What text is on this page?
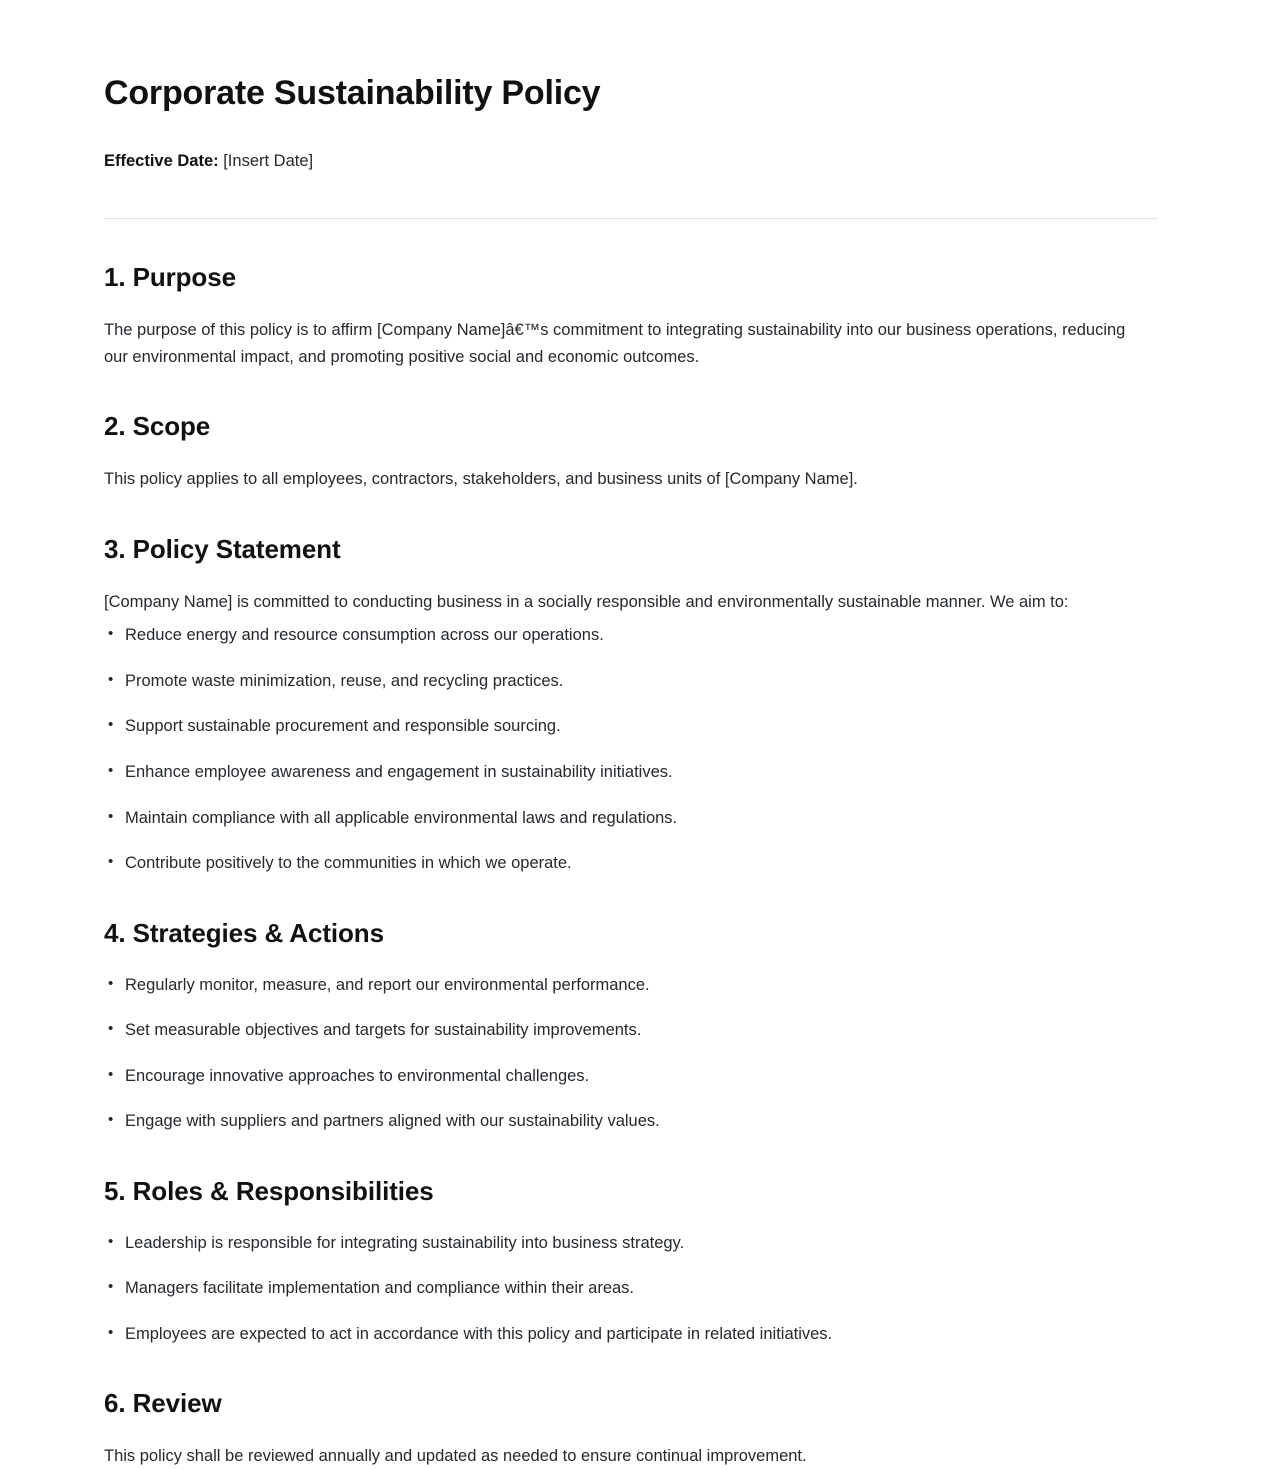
Corporate Sustainability Policy

Effective Date: [Insert Date]

1. Purpose

The purpose of this policy is to affirm [Company Name]â€™s commitment to integrating sustainability into our business operations, reducing our environmental impact, and promoting positive social and economic outcomes.

2. Scope

This policy applies to all employees, contractors, stakeholders, and business units of [Company Name].

3. Policy Statement

[Company Name] is committed to conducting business in a socially responsible and environmentally sustainable manner. We aim to:

• Reduce energy and resource consumption across our operations.
• Promote waste minimization, reuse, and recycling practices.
• Support sustainable procurement and responsible sourcing.
• Enhance employee awareness and engagement in sustainability initiatives.
• Maintain compliance with all applicable environmental laws and regulations.
• Contribute positively to the communities in which we operate.
4. Strategies & Actions
• Regularly monitor, measure, and report our environmental performance.
• Set measurable objectives and targets for sustainability improvements.
• Encourage innovative approaches to environmental challenges.
• Engage with suppliers and partners aligned with our sustainability values.
5. Roles & Responsibilities
• Leadership is responsible for integrating sustainability into business strategy.
• Managers facilitate implementation and compliance within their areas.
• Employees are expected to act in accordance with this policy and participate in related initiatives.
6. Review

This policy shall be reviewed annually and updated as needed to ensure continual improvement.
